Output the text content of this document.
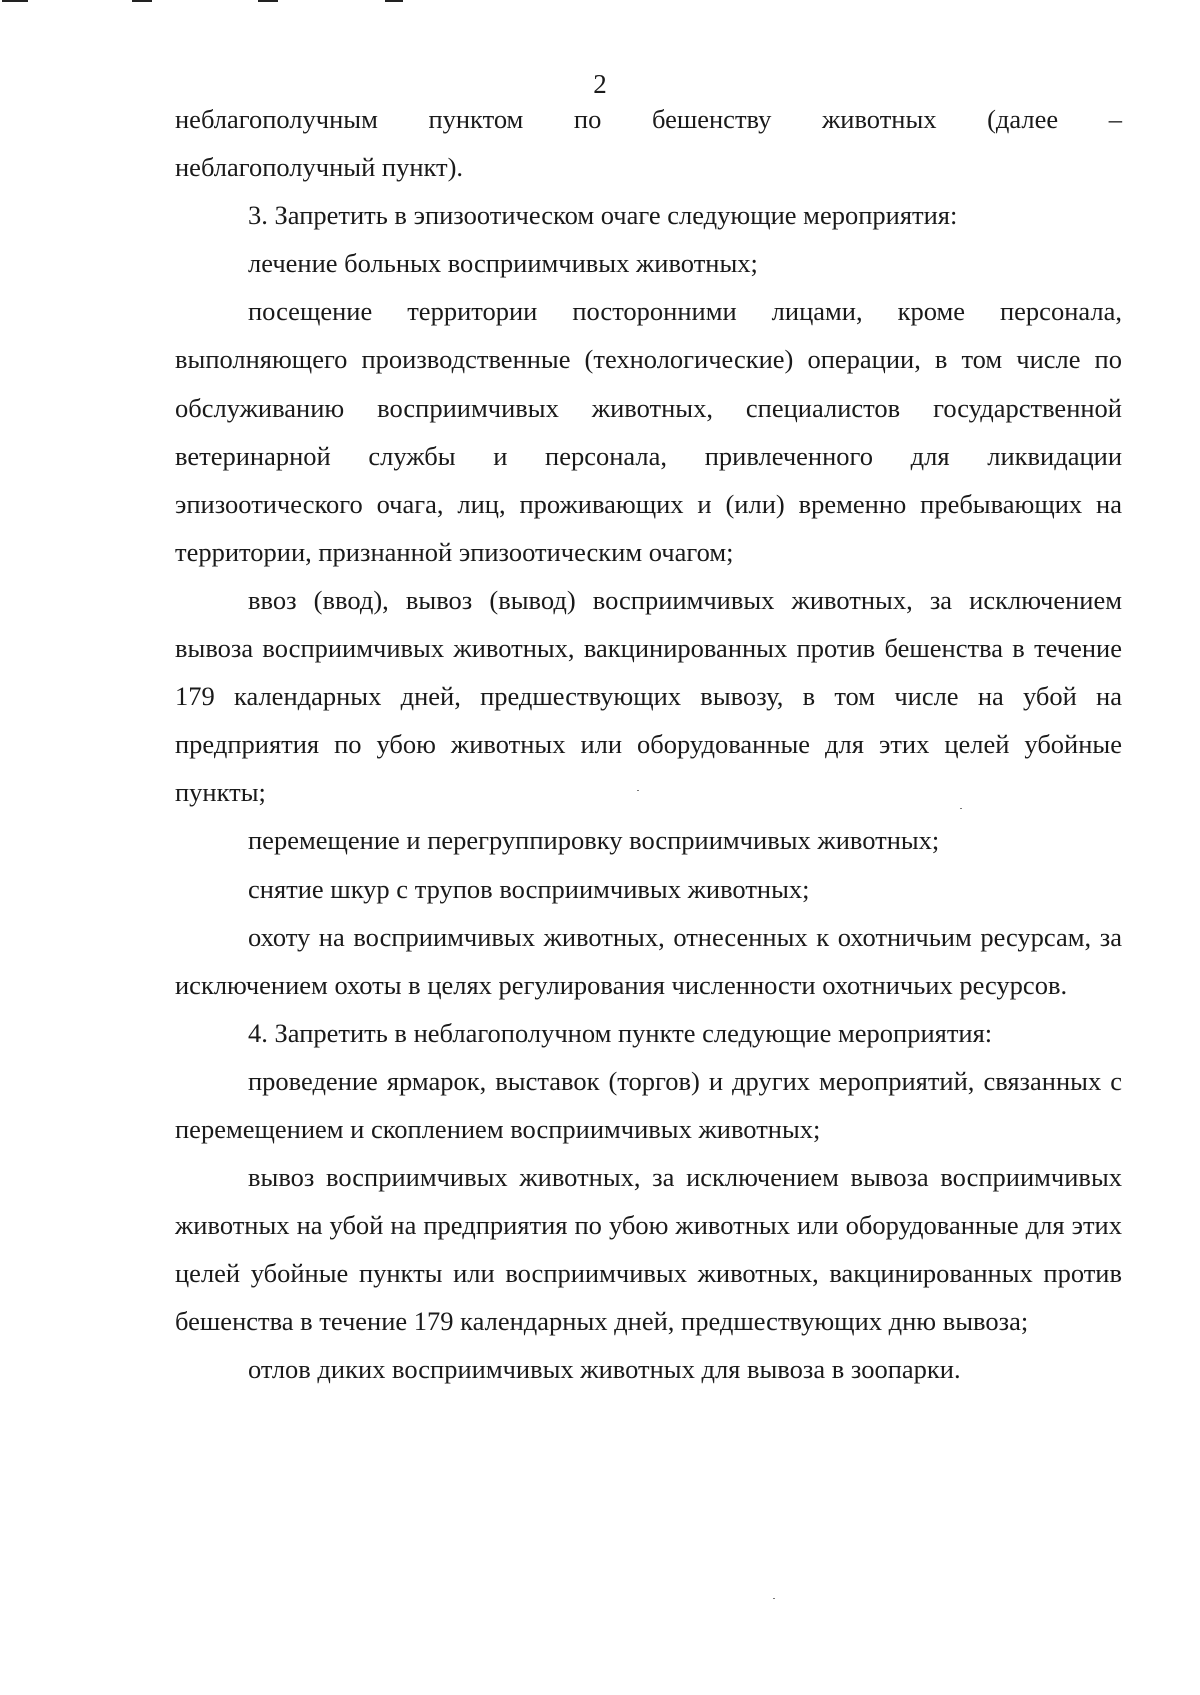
2

неблагополучным пунктом по бешенству животных (далее – неблагополучный пункт).

3. Запретить в эпизоотическом очаге следующие мероприятия:

лечение больных восприимчивых животных;

посещение территории посторонними лицами, кроме персонала, выполняющего производственные (технологические) операции, в том числе по обслуживанию восприимчивых животных, специалистов государственной ветеринарной службы и персонала, привлеченного для ликвидации эпизоотического очага, лиц, проживающих и (или) временно пребывающих на территории, признанной эпизоотическим очагом;

ввоз (ввод), вывоз (вывод) восприимчивых животных, за исключением вывоза восприимчивых животных, вакцинированных против бешенства в течение 179 календарных дней, предшествующих вывозу, в том числе на убой на предприятия по убою животных или оборудованные для этих целей убойные пункты;

перемещение и перегруппировку восприимчивых животных;

снятие шкур с трупов восприимчивых животных;

охоту на восприимчивых животных, отнесенных к охотничьим ресурсам, за исключением охоты в целях регулирования численности охотничьих ресурсов.

4. Запретить в неблагополучном пункте следующие мероприятия:

проведение ярмарок, выставок (торгов) и других мероприятий, связанных с перемещением и скоплением восприимчивых животных;

вывоз восприимчивых животных, за исключением вывоза восприимчивых животных на убой на предприятия по убою животных или оборудованные для этих целей убойные пункты или восприимчивых животных, вакцинированных против бешенства в течение 179 календарных дней, предшествующих дню вывоза;

отлов диких восприимчивых животных для вывоза в зоопарки.
